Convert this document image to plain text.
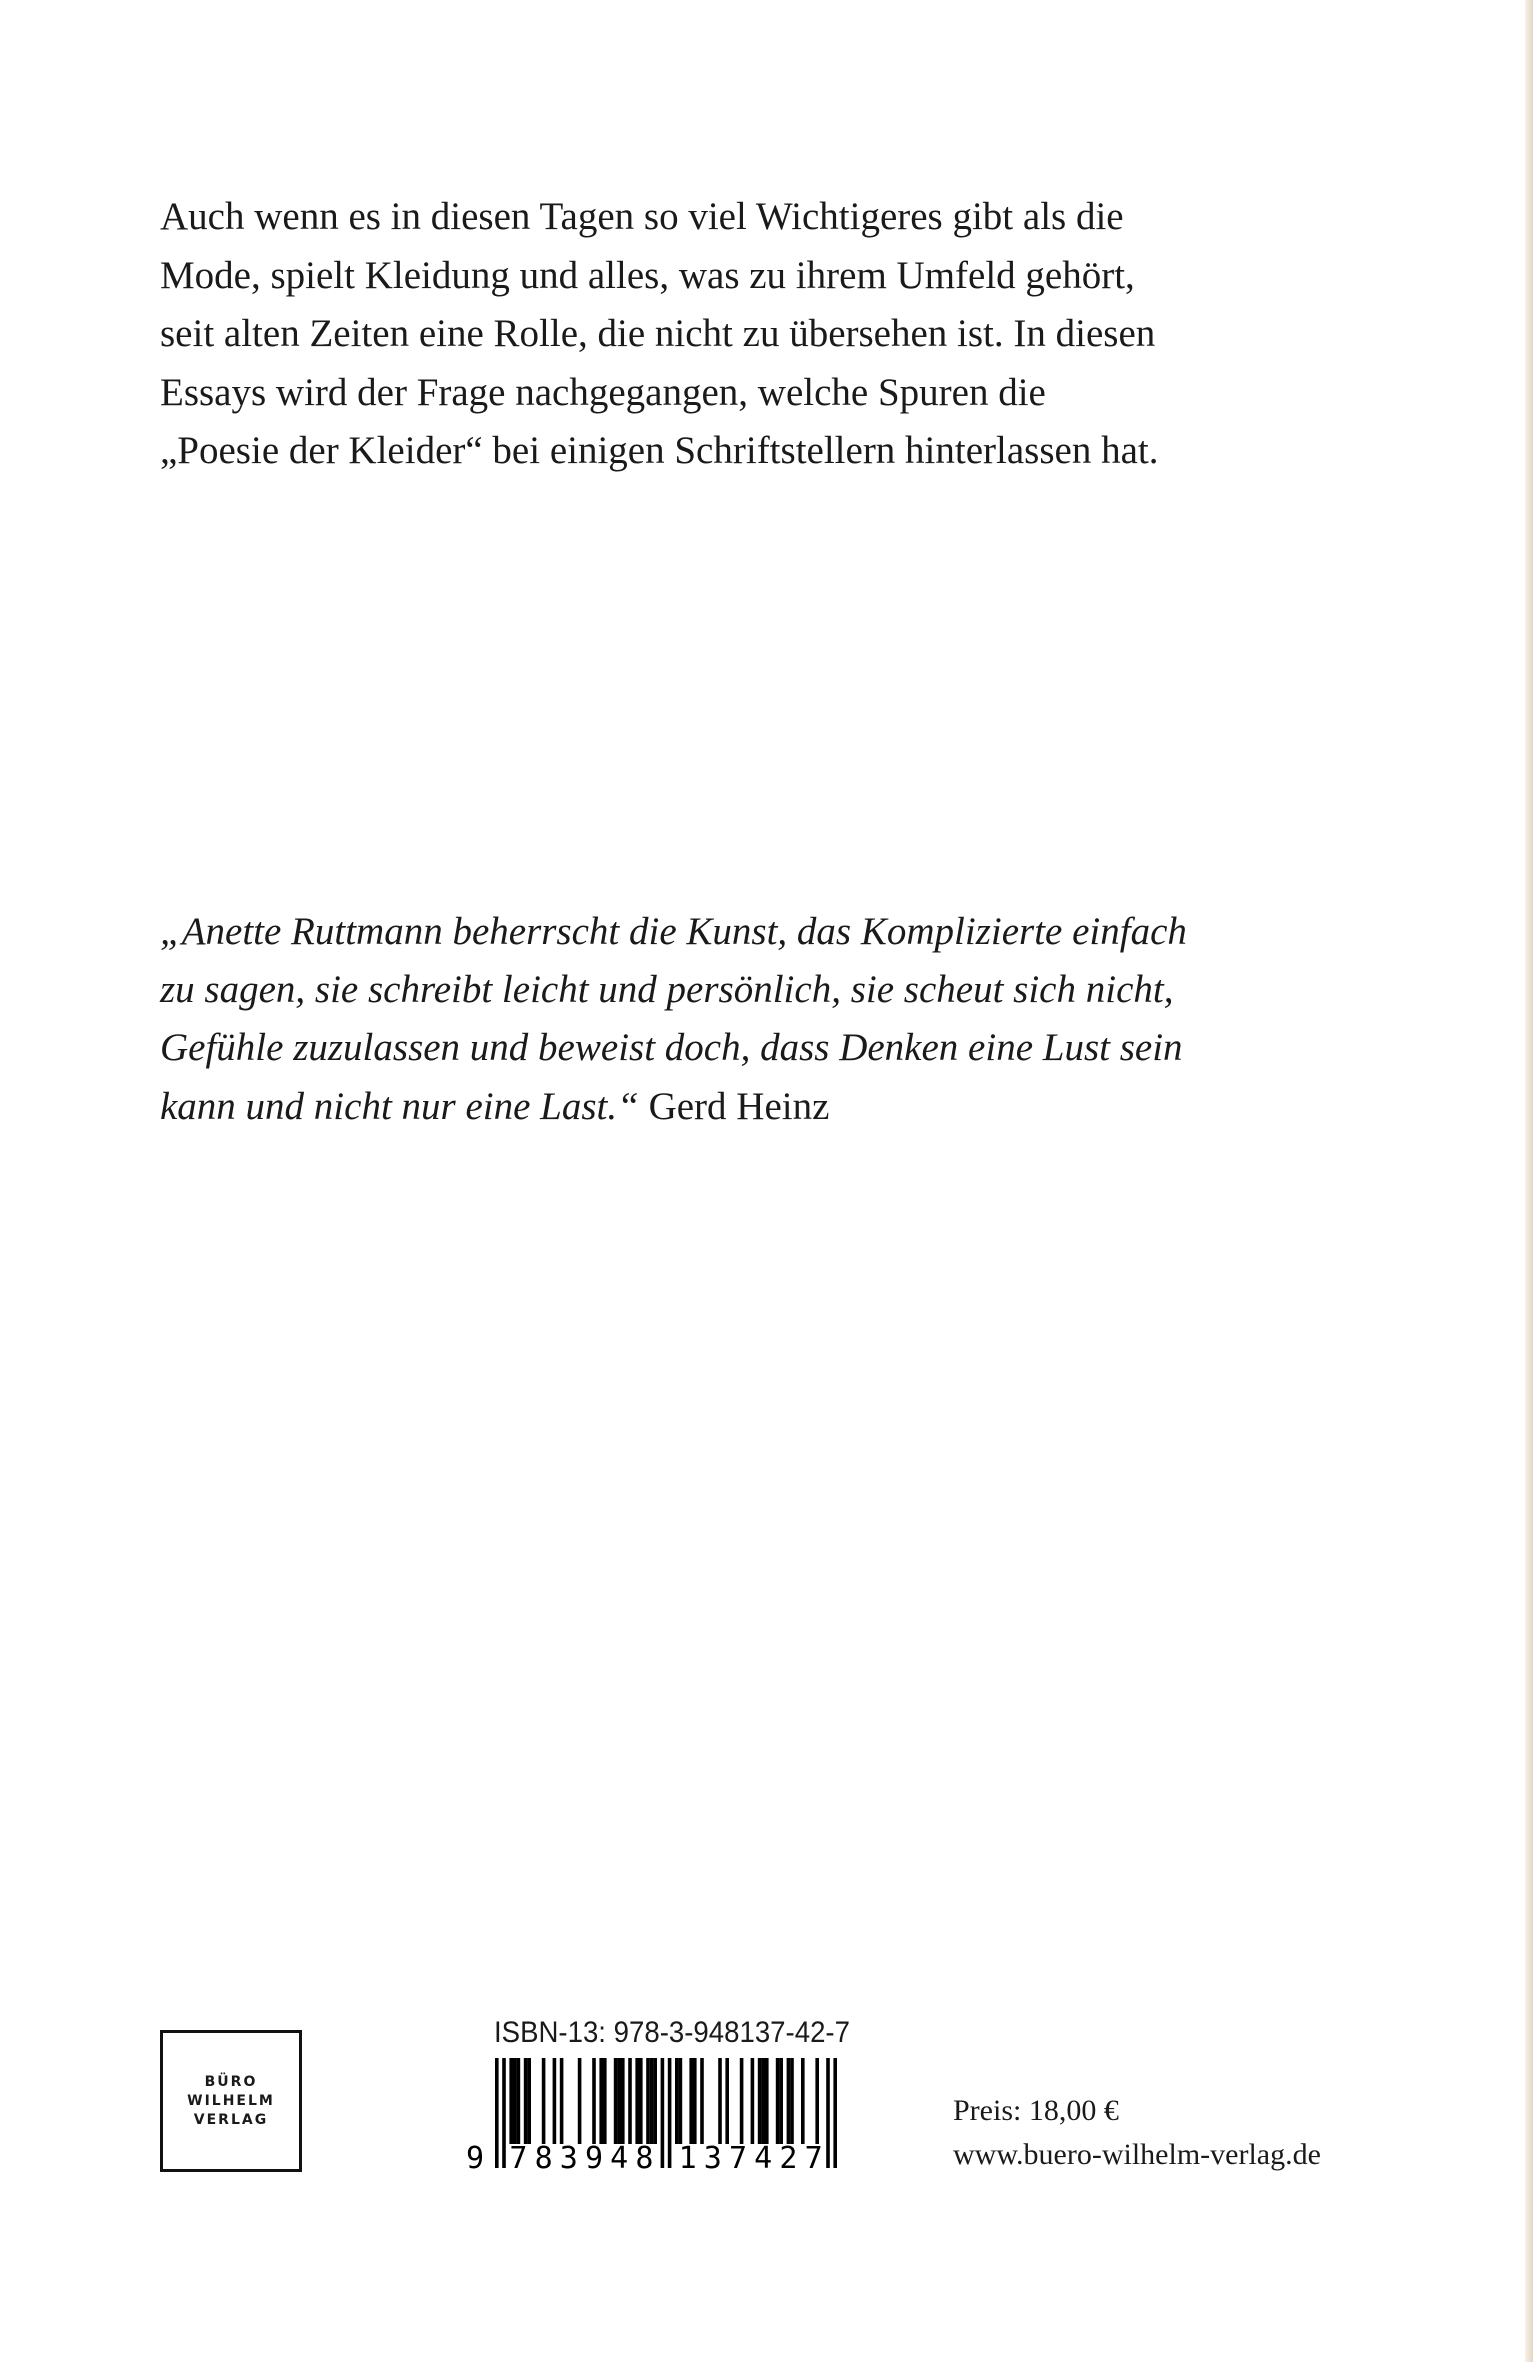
Auch wenn es in diesen Tagen so viel Wichtigeres gibt als die
Mode, spielt Kleidung und alles, was zu ihrem Umfeld gehört,
seit alten Zeiten eine Rolle, die nicht zu übersehen ist. In diesen
Essays wird der Frage nachgegangen, welche Spuren die
„Poesie der Kleider“ bei einigen Schriftstellern hinterlassen hat.
„Anette Ruttmann beherrscht die Kunst, das Komplizierte einfach
zu sagen, sie schreibt leicht und persönlich, sie scheut sich nicht,
Gefühle zuzulassen und beweist doch, dass Denken eine Lust sein
kann und nicht nur eine Last.“ Gerd Heinz
BÜRO
WILHELM
VERLAG
ISBN-13: 978-3-948137-42-7
9 7 8 3 9 4 8 1 3 7 4 2 7
Preis: 18,00 €
www.buero-wilhelm-verlag.de
